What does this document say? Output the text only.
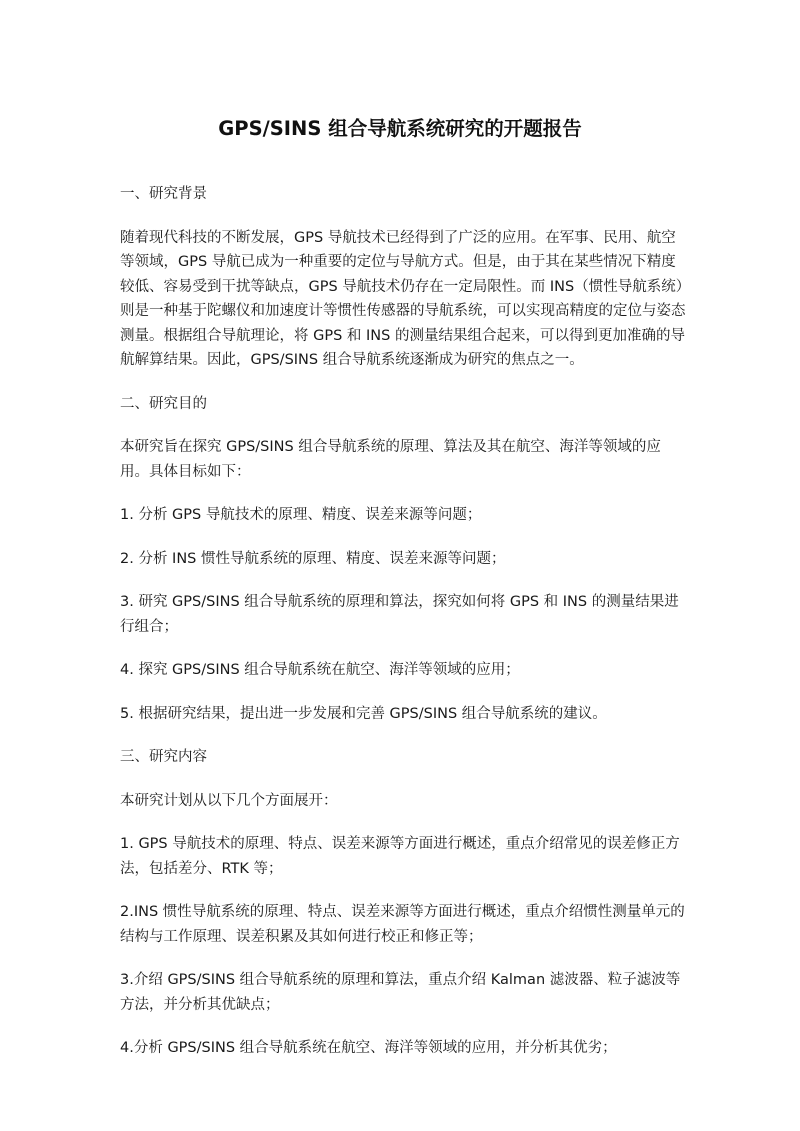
GPS/SINS 组合导航系统研究的开题报告

一、研究背景

随着现代科技的不断发展，GPS 导航技术已经得到了广泛的应用。在军事、民用、航空等领域，GPS 导航已成为一种重要的定位与导航方式。但是，由于其在某些情况下精度较低、容易受到干扰等缺点，GPS 导航技术仍存在一定局限性。而 INS（惯性导航系统）则是一种基于陀螺仪和加速度计等惯性传感器的导航系统，可以实现高精度的定位与姿态测量。根据组合导航理论，将 GPS 和 INS 的测量结果组合起来，可以得到更加准确的导航解算结果。因此，GPS/SINS 组合导航系统逐渐成为研究的焦点之一。

二、研究目的

本研究旨在探究 GPS/SINS 组合导航系统的原理、算法及其在航空、海洋等领域的应用。具体目标如下：

1. 分析 GPS 导航技术的原理、精度、误差来源等问题；

2. 分析 INS 惯性导航系统的原理、精度、误差来源等问题；

3. 研究 GPS/SINS 组合导航系统的原理和算法，探究如何将 GPS 和 INS 的测量结果进行组合；

4. 探究 GPS/SINS 组合导航系统在航空、海洋等领域的应用；

5. 根据研究结果，提出进一步发展和完善 GPS/SINS 组合导航系统的建议。

三、研究内容

本研究计划从以下几个方面展开：

1. GPS 导航技术的原理、特点、误差来源等方面进行概述，重点介绍常见的误差修正方法，包括差分、RTK 等；

2.INS 惯性导航系统的原理、特点、误差来源等方面进行概述，重点介绍惯性测量单元的结构与工作原理、误差积累及其如何进行校正和修正等；

3.介绍 GPS/SINS 组合导航系统的原理和算法，重点介绍 Kalman 滤波器、粒子滤波等方法，并分析其优缺点；

4.分析 GPS/SINS 组合导航系统在航空、海洋等领域的应用，并分析其优劣；
